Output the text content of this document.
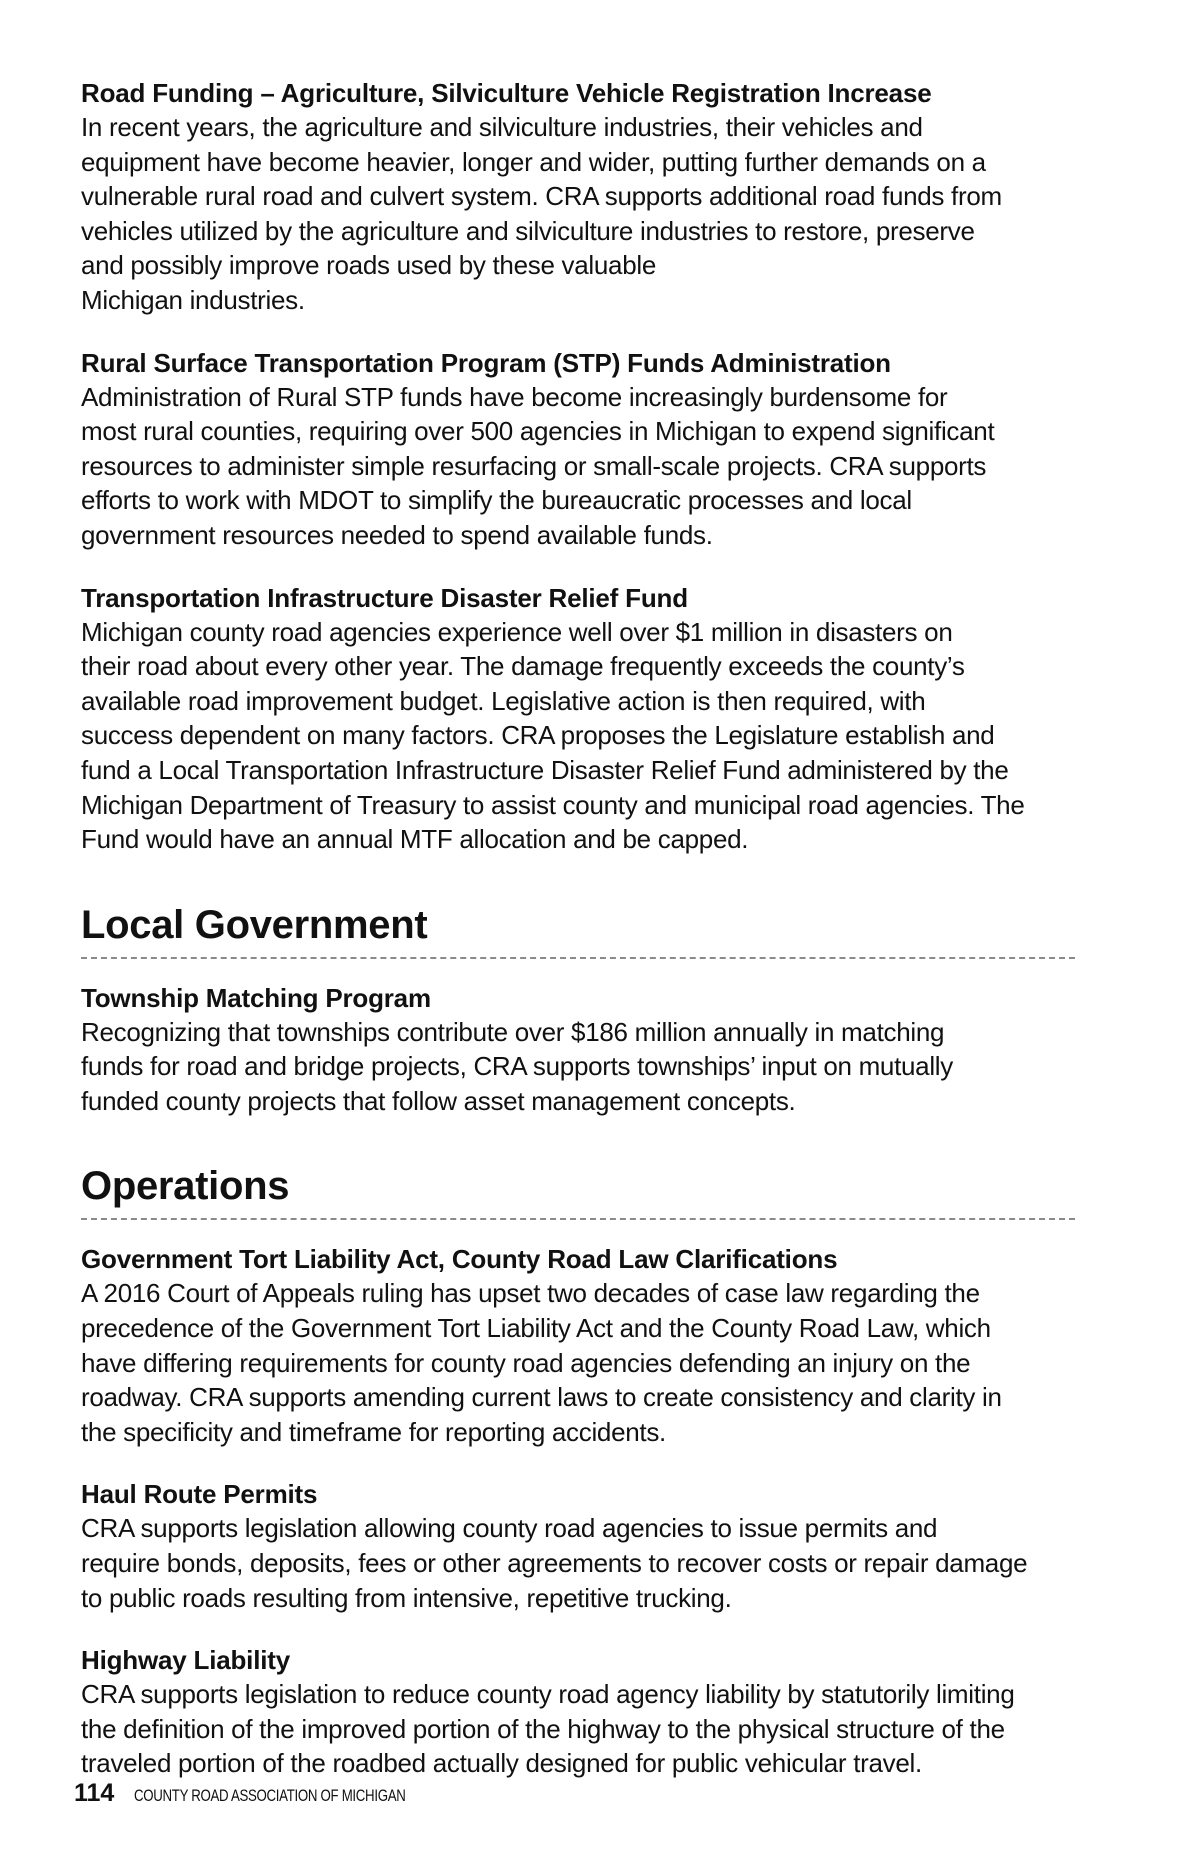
Road Funding – Agriculture, Silviculture Vehicle Registration Increase

In recent years, the agriculture and silviculture industries, their vehicles and
equipment have become heavier, longer and wider, putting further demands on a
vulnerable rural road and culvert system. CRA supports additional road funds from
vehicles utilized by the agriculture and silviculture industries to restore, preserve
and possibly improve roads used by these valuable
Michigan industries.

Rural Surface Transportation Program (STP) Funds Administration

Administration of Rural STP funds have become increasingly burdensome for
most rural counties, requiring over 500 agencies in Michigan to expend significant
resources to administer simple resurfacing or small-scale projects. CRA supports
efforts to work with MDOT to simplify the bureaucratic processes and local
government resources needed to spend available funds.

Transportation Infrastructure Disaster Relief Fund

Michigan county road agencies experience well over $1 million in disasters on
their road about every other year. The damage frequently exceeds the county’s
available road improvement budget. Legislative action is then required, with
success dependent on many factors. CRA proposes the Legislature establish and
fund a Local Transportation Infrastructure Disaster Relief Fund administered by the
Michigan Department of Treasury to assist county and municipal road agencies. The
Fund would have an annual MTF allocation and be capped.

Local Government
Township Matching Program

Recognizing that townships contribute over $186 million annually in matching
funds for road and bridge projects, CRA supports townships’ input on mutually
funded county projects that follow asset management concepts.

Operations
Government Tort Liability Act, County Road Law Clarifications

A 2016 Court of Appeals ruling has upset two decades of case law regarding the
precedence of the Government Tort Liability Act and the County Road Law, which
have differing requirements for county road agencies defending an injury on the
roadway. CRA supports amending current laws to create consistency and clarity in
the specificity and timeframe for reporting accidents.

Haul Route Permits

CRA supports legislation allowing county road agencies to issue permits and
require bonds, deposits, fees or other agreements to recover costs or repair damage
to public roads resulting from intensive, repetitive trucking.

Highway Liability

CRA supports legislation to reduce county road agency liability by statutorily limiting
the definition of the improved portion of the highway to the physical structure of the
traveled portion of the roadbed actually designed for public vehicular travel.

114 COUNTY ROAD ASSOCIATION OF MICHIGAN
